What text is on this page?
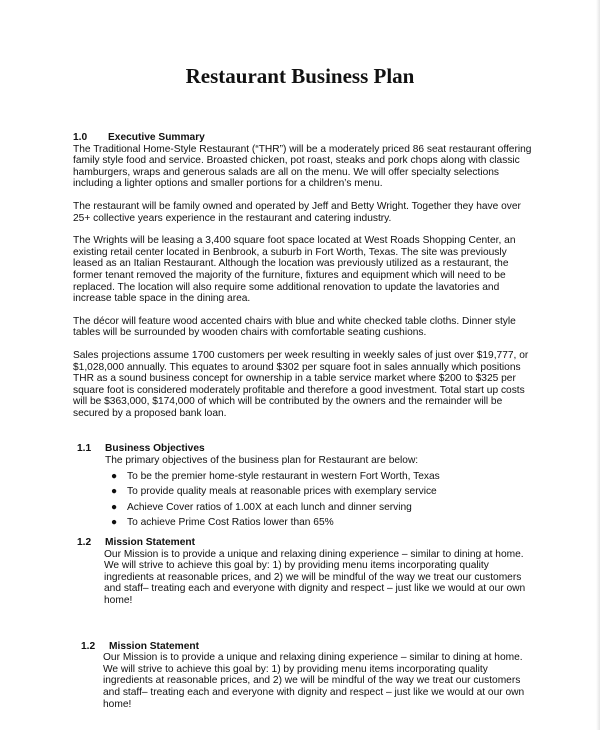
Restaurant Business Plan
1.0 Executive Summary

The Traditional Home-Style Restaurant (“THR”) will be a moderately priced 86 seat restaurant offering family style food and service. Broasted chicken, pot roast, steaks and pork chops along with classic hamburgers, wraps and generous salads are all on the menu. We will offer specialty selections including a lighter options and smaller portions for a children’s menu.

The restaurant will be family owned and operated by Jeff and Betty Wright. Together they have over 25+ collective years experience in the restaurant and catering industry.

The Wrights will be leasing a 3,400 square foot space located at West Roads Shopping Center, an existing retail center located in Benbrook, a suburb in Fort Worth, Texas. The site was previously leased as an Italian Restaurant. Although the location was previously utilized as a restaurant, the former tenant removed the majority of the furniture, fixtures and equipment which will need to be replaced. The location will also require some additional renovation to update the lavatories and increase table space in the dining area.

The décor will feature wood accented chairs with blue and white checked table cloths. Dinner style tables will be surrounded by wooden chairs with comfortable seating cushions.

Sales projections assume 1700 customers per week resulting in weekly sales of just over $19,777, or $1,028,000 annually. This equates to around $302 per square foot in sales annually which positions THR as a sound business concept for ownership in a table service market where $200 to $325 per square foot is considered moderately profitable and therefore a good investment. Total start up costs will be $363,000, $174,000 of which will be contributed by the owners and the remainder will be secured by a proposed bank loan.

1.1 Business Objectives
The primary objectives of the business plan for Restaurant are below:
● To be the premier home-style restaurant in western Fort Worth, Texas
● To provide quality meals at reasonable prices with exemplary service
● Achieve Cover ratios of 1.00X at each lunch and dinner serving
● To achieve Prime Cost Ratios lower than 65%
1.2 Mission Statement
Our Mission is to provide a unique and relaxing dining experience – similar to dining at home. We will strive to achieve this goal by: 1) by providing menu items incorporating quality ingredients at reasonable prices, and 2) we will be mindful of the way we treat our customers and staff– treating each and everyone with dignity and respect – just like we would at our own home!
1.2 Mission Statement
Our Mission is to provide a unique and relaxing dining experience – similar to dining at home. We will strive to achieve this goal by: 1) by providing menu items incorporating quality ingredients at reasonable prices, and 2) we will be mindful of the way we treat our customers and staff– treating each and everyone with dignity and respect – just like we would at our own home!
